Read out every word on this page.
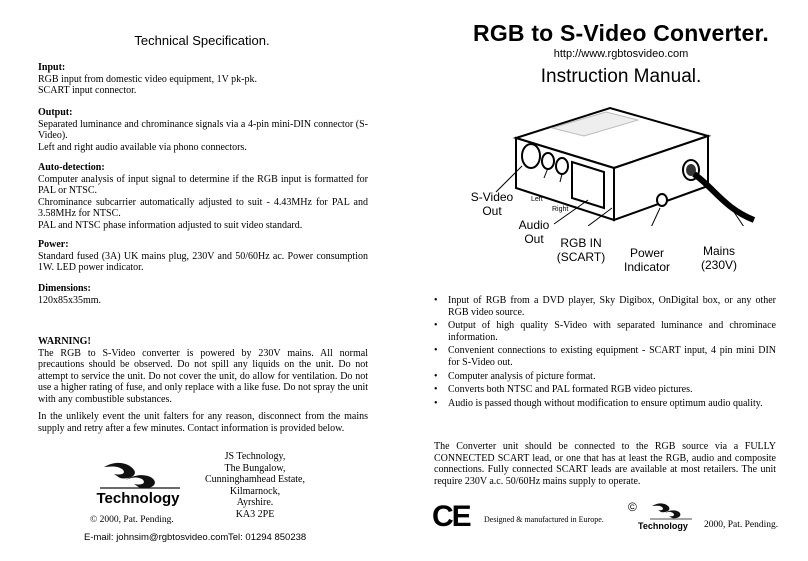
Technical Specification.
Input:
RGB input from domestic video equipment, 1V pk-pk.
SCART input connector.
Output:
Separated luminance and chrominance signals via a 4-pin mini-DIN connector (S-Video).
Left and right audio available via phono connectors.
Auto-detection:
Computer analysis of input signal to determine if the RGB input is formatted for PAL or NTSC.
Chrominance subcarrier automatically adjusted to suit - 4.43MHz for PAL and 3.58MHz for NTSC.
PAL and NTSC phase information adjusted to suit video standard.
Power:
Standard fused (3A) UK mains plug, 230V and 50/60Hz ac. Power consumption 1W. LED power indicator.
Dimensions:
120x85x35mm.
WARNING!
The RGB to S-Video converter is powered by 230V mains. All normal precautions should be observed. Do not spill any liquids on the unit. Do not attempt to service the unit. Do not cover the unit, do allow for ventilation. Do not use a higher rating of fuse, and only replace with a like fuse. Do not spray the unit with any combustible substances.
In the unlikely event the unit falters for any reason, disconnect from the mains supply and retry after a few minutes. Contact information is provided below.
Technology
© 2000, Pat. Pending.
JS Technology,
The Bungalow,
Cunninghamhead Estate,
Kilmarnock,
Ayrshire.
KA3 2PE
E-mail: johnsim@rgbtosvideo.com Tel: 01294 850238
RGB to S-Video Converter.
http://www.rgbtosvideo.com
Instruction Manual.
S-Video
Out
Left
Right
Audio
Out	RGB IN
(SCART)	Power
Indicator
Mains
(230V)
• Input of RGB from a DVD player, Sky Digibox, OnDigital box, or any other RGB video source.
• Output of high quality S-Video with separated luminance and chrominace information.
• Convenient connections to existing equipment - SCART input, 4 pin mini DIN for S-Video out.
• Computer analysis of picture format.
• Converts both NTSC and PAL formated RGB video pictures.
• Audio is passed though without modification to ensure optimum audio quality.
The Converter unit should be connected to the RGB source via a FULLY CONNECTED SCART lead, or one that has at least the RGB, audio and composite connections. Fully connected SCART leads are available at most retailers. The unit require 230V a.c. 50/60Hz mains supply to operate.
CE Designed & manufactured in Europe.
©
Technology 2000, Pat. Pending.
